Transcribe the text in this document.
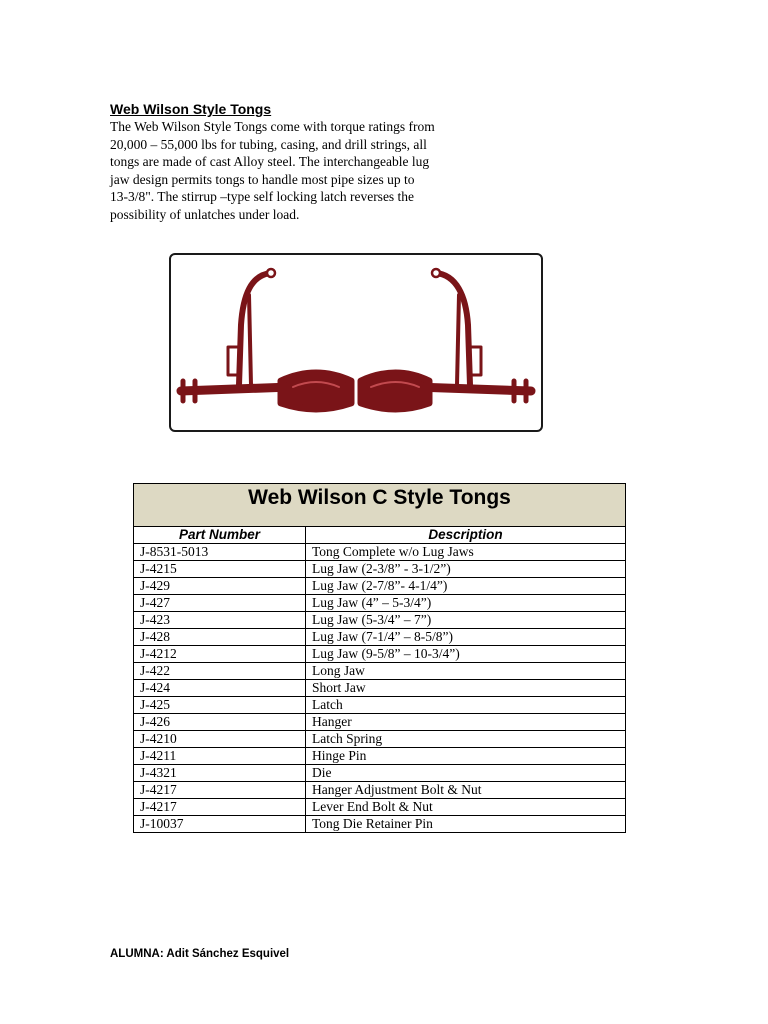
Web Wilson Style Tongs
The Web Wilson Style Tongs come with torque ratings from
20,000 – 55,000 lbs for tubing, casing, and drill strings, all
tongs are made of cast Alloy steel. The interchangeable lug
jaw design permits tongs to handle most pipe sizes up to
13-3/8". The stirrup –type self locking latch reverses the
possibility of unlatches under load.
Web Wilson C Style Tongs	
Part Number	Description
J-8531-5013	Tong Complete w/o Lug Jaws
J-4215	Lug Jaw (2-3/8” - 3-1/2”)
J-429	Lug Jaw (2-7/8”- 4-1/4”)
J-427	Lug Jaw (4” – 5-3/4”)
J-423	Lug Jaw (5-3/4” – 7”)
J-428	Lug Jaw (7-1/4” – 8-5/8”)
J-4212	Lug Jaw (9-5/8” – 10-3/4”)
J-422	Long Jaw
J-424	Short Jaw
J-425	Latch
J-426	Hanger
J-4210	Latch Spring
J-4211	Hinge Pin
J-4321	Die
J-4217	Hanger Adjustment Bolt & Nut
J-4217	Lever End Bolt & Nut
J-10037	Tong Die Retainer Pin
ALUMNA: Adit Sánchez Esquivel
